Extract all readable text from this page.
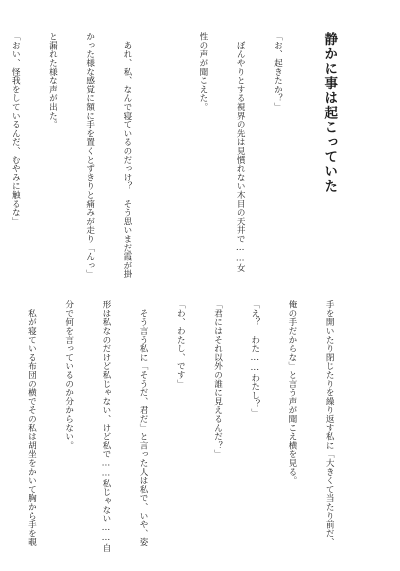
静かに事は起こっていた

「お、起きたか？」

　ぼんやりとする視界の先は見慣れない木目の天井で……女

性の声が聞こえた。

　あれ、私、なんで寝ているのだっけ？　そう思いまだ霞が掛

かった様な感覚に額に手を置くとずきりと痛みが走り「んっ」

と漏れた様な声が出た。

「おい、怪我をしているんだ、むやみに触るな」

手を開いたり閉じたりを繰り返す私に「大きくて当たり前だ、

俺の手だからな」と言う声が聞こえ横を見る。

「え？　わた……わたし？」

「君にはそれ以外の誰に見えるんだ？」

「わ、わたし、です」

　そう言う私に「そうだ、君だ」と言った人は私で、いや、姿

形は私なのだけど私じゃない、けど私で……私じゃない……自

分で何を言っているのか分からない。

　私が寝ている布団の横でその私は胡坐をかいて胸から手を覗
